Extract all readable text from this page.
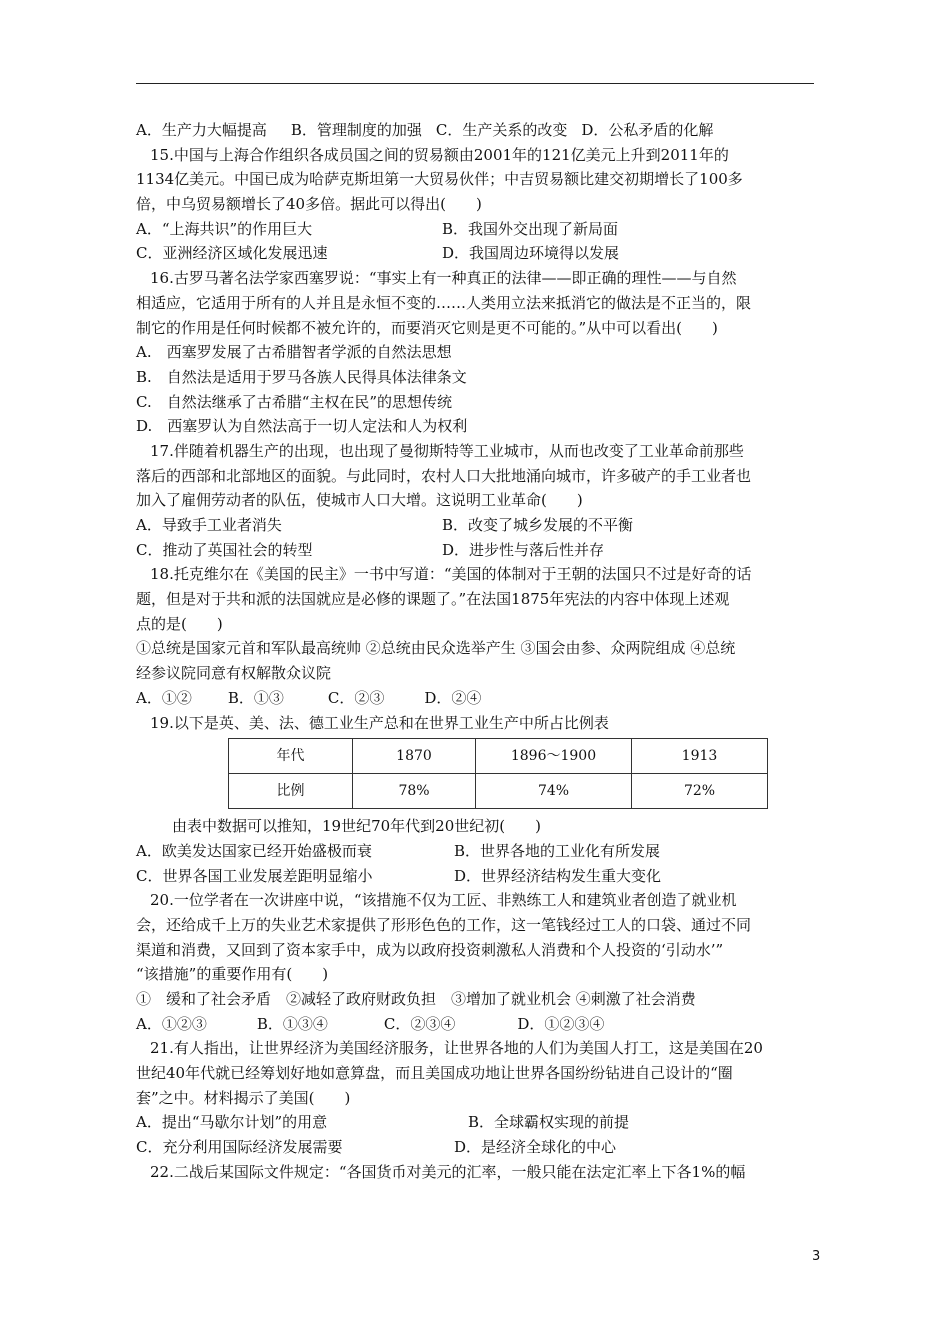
A．生产力大幅提高 B．管理制度的加强 C．生产关系的改变 D．公私矛盾的化解
15.中国与上海合作组织各成员国之间的贸易额由2001年的121亿美元上升到2011年的
1134亿美元。中国已成为哈萨克斯坦第一大贸易伙伴；中吉贸易额比建交初期增长了100多
倍，中乌贸易额增长了40多倍。据此可以得出(　　)
A．“上海共识”的作用巨大	B．我国外交出现了新局面
C．亚洲经济区域化发展迅速	D．我国周边环境得以发展
16.古罗马著名法学家西塞罗说：“事实上有一种真正的法律——即正确的理性——与自然
相适应，它适用于所有的人并且是永恒不变的……人类用立法来抵消它的做法是不正当的，限
制它的作用是任何时候都不被允许的，而要消灭它则是更不可能的。”从中可以看出(　　)
A.　西塞罗发展了古希腊智者学派的自然法思想
B.　自然法是适用于罗马各族人民得具体法律条文
C.　自然法继承了古希腊“主权在民”的思想传统
D.　西塞罗认为自然法高于一切人定法和人为权利
17.伴随着机器生产的出现，也出现了曼彻斯特等工业城市，从而也改变了工业革命前那些
落后的西部和北部地区的面貌。与此同时，农村人口大批地涌向城市，许多破产的手工业者也
加入了雇佣劳动者的队伍，使城市人口大增。这说明工业革命(　　)
A．导致手工业者消失	B．改变了城乡发展的不平衡
C．推动了英国社会的转型	D．进步性与落后性并存
18.托克维尔在《美国的民主》一书中写道：“美国的体制对于王朝的法国只不过是好奇的话
题，但是对于共和派的法国就应是必修的课题了。”在法国1875年宪法的内容中体现上述观
点的是(　　)
①总统是国家元首和军队最高统帅 ②总统由民众选举产生 ③国会由参、众两院组成 ④总统
经参议院同意有权解散众议院
A．①② B．①③	C．②③	D．②④
19.以下是英、美、法、德工业生产总和在世界工业生产中所占比例表
年代	1870	1896～1900	1913
比例	78%	74%	72%
由表中数据可以推知，19世纪70年代到20世纪初(　　)
A．欧美发达国家已经开始盛极而衰	B．世界各地的工业化有所发展
C．世界各国工业发展差距明显缩小	D．世界经济结构发生重大变化
20.一位学者在一次讲座中说，“该措施不仅为工匠、非熟练工人和建筑业者创造了就业机
会，还给成千上万的失业艺术家提供了形形色色的工作，这一笔钱经过工人的口袋、通过不同
渠道和消费，又回到了资本家手中，成为以政府投资刺激私人消费和个人投资的‘引动水’”
“该措施”的重要作用有(　　)
①　缓和了社会矛盾　②减轻了政府财政负担　③增加了就业机会 ④刺激了社会消费
A．①②③	B．①③④	C．②③④	D．①②③④
21.有人指出，让世界经济为美国经济服务，让世界各地的人们为美国人打工，这是美国在20
世纪40年代就已经筹划好地如意算盘，而且美国成功地让世界各国纷纷钻进自己设计的“圈
套”之中。材料揭示了美国(　　)
A．提出“马歇尔计划”的用意	B．全球霸权实现的前提
C．充分利用国际经济发展需要	D．是经济全球化的中心
22.二战后某国际文件规定：“各国货币对美元的汇率，一般只能在法定汇率上下各1%的幅
3
